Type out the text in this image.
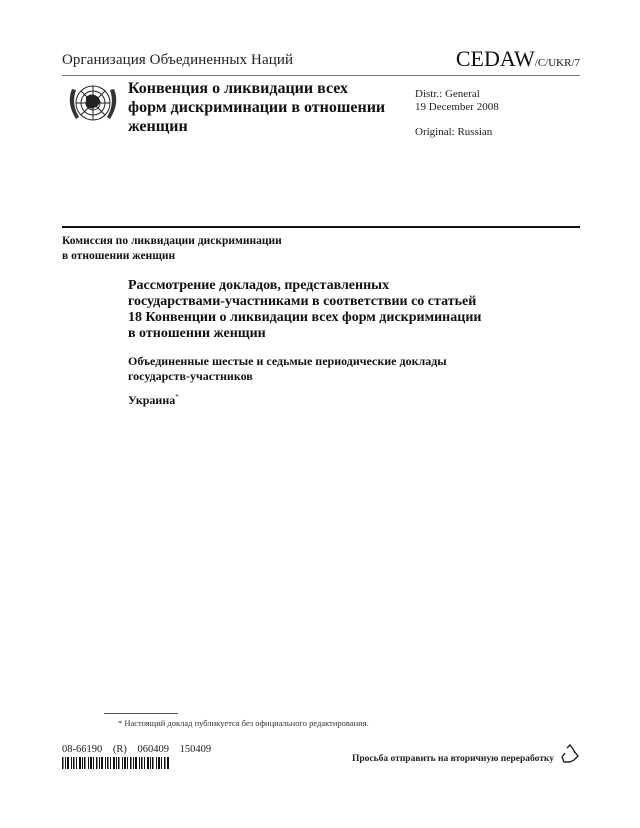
Организация Объединенных Наций	CEDAW/C/UKR/7
Конвенция о ликвидации всех форм дискриминации в отношении женщин
Distr.: General
19 December 2008
Original: Russian
Комиссия по ликвидации дискриминации
в отношении женщин
Рассмотрение докладов, представленных государствами-участниками в соответствии со статьей 18 Конвенции о ликвидации всех форм дискриминации в отношении женщин
Объединенные шестые и седьмые периодические доклады государств-участников
Украина*
* Настоящий доклад публикуется без официального редактирования.
08-66190 (R) 060409 150409
Просьба отправить на вторичную переработку
